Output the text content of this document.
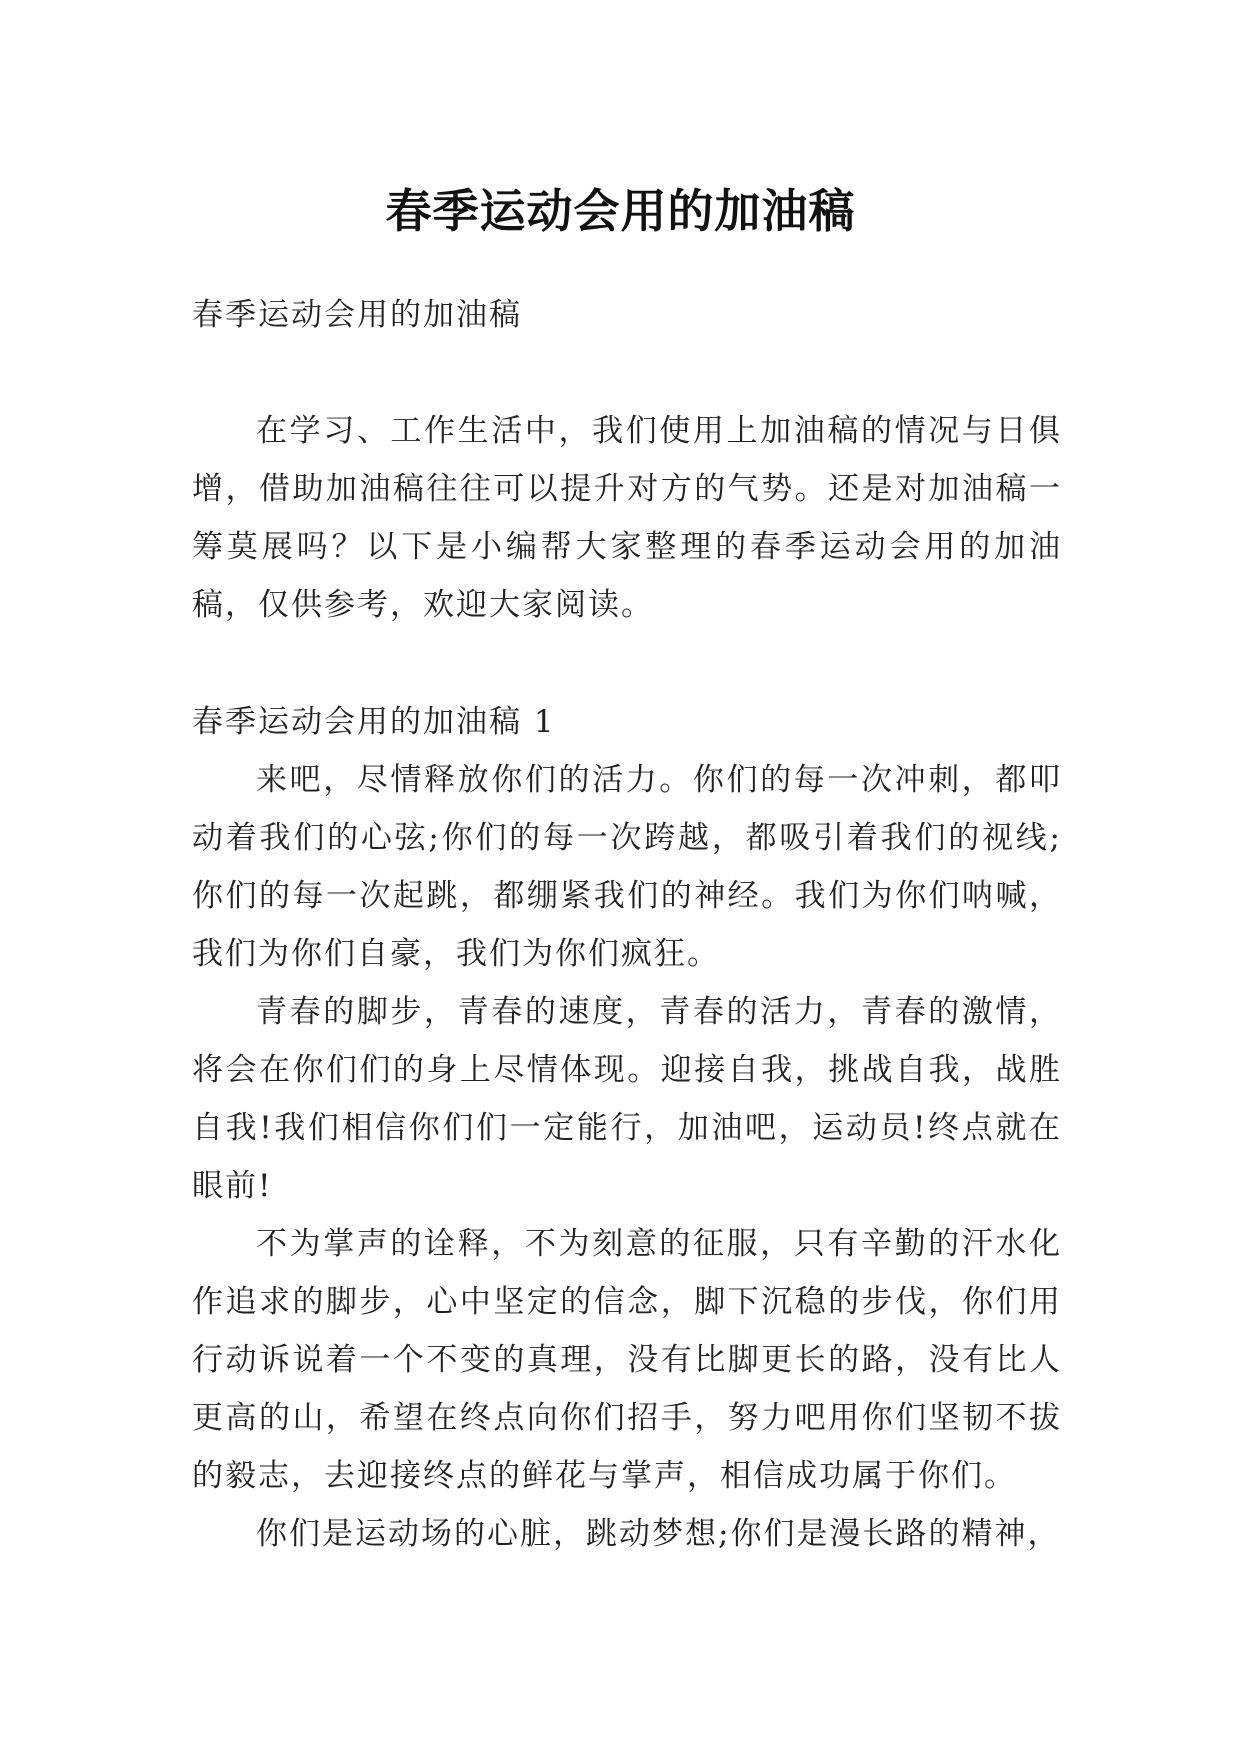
春季运动会用的加油稿

春季运动会用的加油稿

在学习、工作生活中，我们使用上加油稿的情况与日俱增，借助加油稿往往可以提升对方的气势。还是对加油稿一筹莫展吗？以下是小编帮大家整理的春季运动会用的加油稿，仅供参考，欢迎大家阅读。

春季运动会用的加油稿 1

来吧，尽情释放你们的活力。你们的每一次冲刺，都叩动着我们的心弦;你们的每一次跨越，都吸引着我们的视线;你们的每一次起跳，都绷紧我们的神经。我们为你们呐喊，我们为你们自豪，我们为你们疯狂。

青春的脚步，青春的速度，青春的活力，青春的激情，将会在你们们的身上尽情体现。迎接自我，挑战自我，战胜自我!我们相信你们们一定能行，加油吧，运动员!终点就在眼前!

不为掌声的诠释，不为刻意的征服，只有辛勤的汗水化作追求的脚步，心中坚定的信念，脚下沉稳的步伐，你们用行动诉说着一个不变的真理，没有比脚更长的路，没有比人更高的山，希望在终点向你们招手，努力吧用你们坚韧不拔的毅志，去迎接终点的鲜花与掌声，相信成功属于你们。

你们是运动场的心脏，跳动梦想;你们是漫长路的精神，
